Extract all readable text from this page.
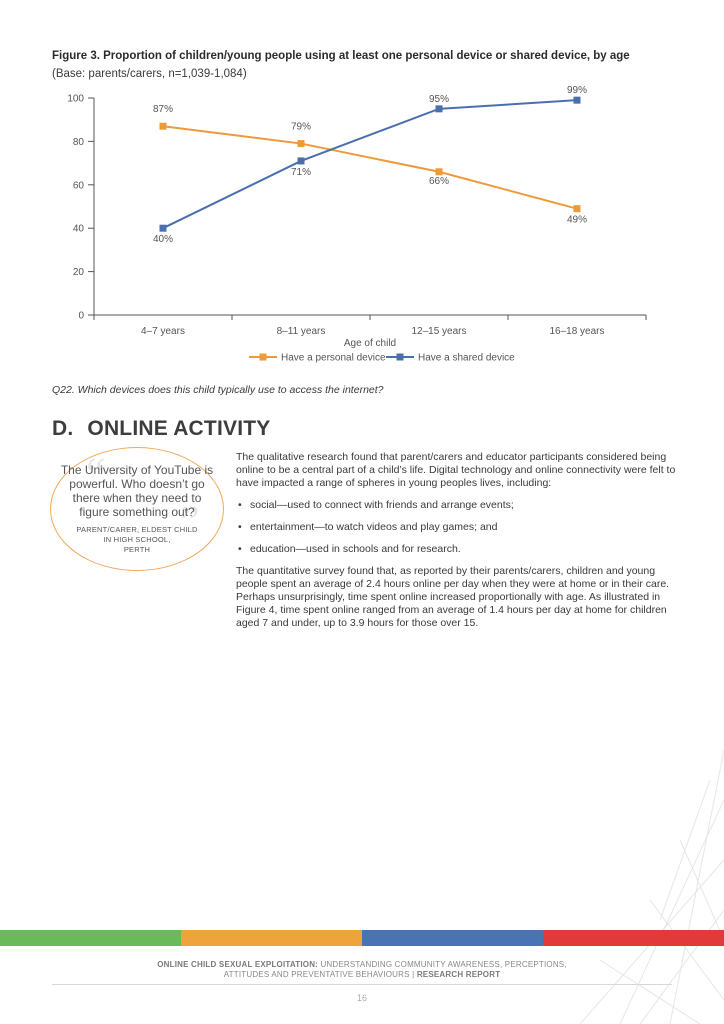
Figure 3. Proportion of children/young people using at least one personal device or shared device, by age
(Base: parents/carers, n=1,039-1,084)
0
20
40
60
80
100
4–7 years	8–11 years	12–15 years	16–18 years
Age of child
87%
79%
66%
49%
40%
71%
95%
99%
Have a personal device	Have a shared device
Q22. Which devices does this child typically use to access the internet?
D. ONLINE ACTIVITY
“
”
The University of YouTube is powerful. Who doesn’t go there when they need to figure something out?
PARENT/CARER, ELDEST CHILD
IN HIGH SCHOOL,
PERTH

The qualitative research found that parent/carers and educator participants considered being online to be a central part of a child’s life. Digital technology and online connectivity were felt to have impacted a range of spheres in young peoples lives, including:

• social—used to connect with friends and arrange events;
• entertainment—to watch videos and play games; and
• education—used in schools and for research.

The quantitative survey found that, as reported by their parents/carers, children and young people spent an average of 2.4 hours online per day when they were at home or in their care. Perhaps unsurprisingly, time spent online increased proportionally with age. As illustrated in Figure 4, time spent online ranged from an average of 1.4 hours per day at home for children aged 7 and under, up to 3.9 hours for those over 15.

ONLINE CHILD SEXUAL EXPLOITATION: UNDERSTANDING COMMUNITY AWARENESS, PERCEPTIONS,
ATTITUDES AND PREVENTATIVE BEHAVIOURS | RESEARCH REPORT
16
